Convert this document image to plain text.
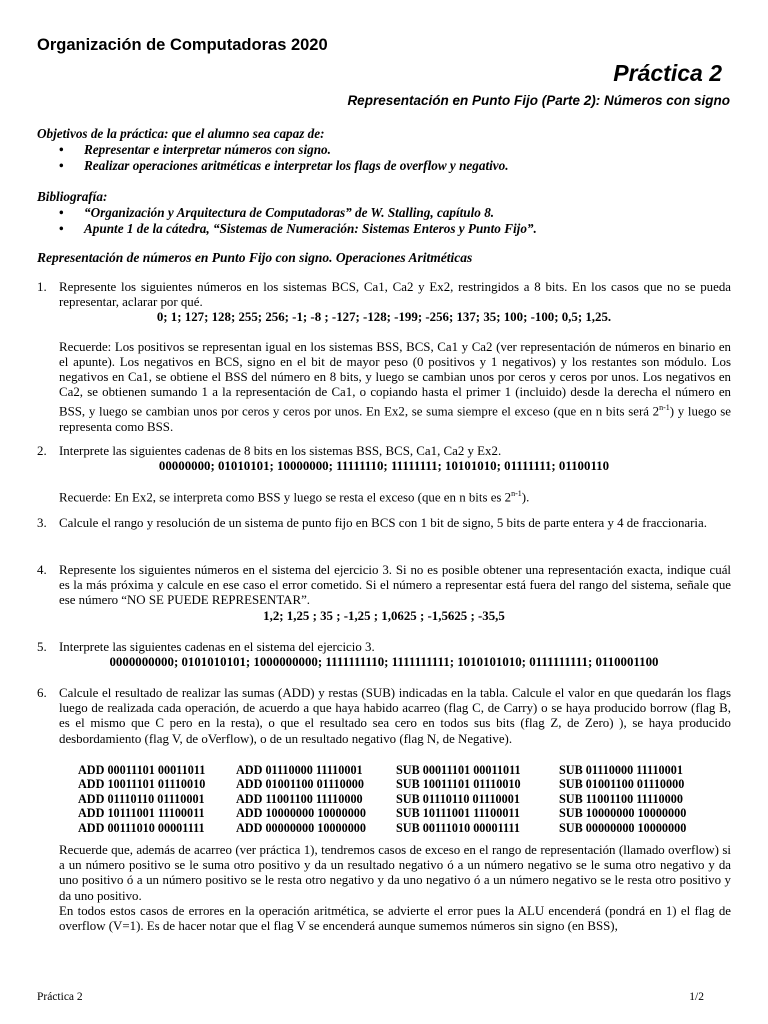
Organización de Computadoras 2020
Práctica 2
Representación en Punto Fijo (Parte 2): Números con signo
Objetivos de la práctica: que el alumno sea capaz de:
• Representar e interpretar números con signo.
• Realizar operaciones aritméticas e interpretar los flags de overflow y negativo.
Bibliografía:
• “Organización y Arquitectura de Computadoras” de W. Stalling, capítulo 8.
• Apunte 1 de la cátedra, “Sistemas de Numeración: Sistemas Enteros y Punto Fijo”.
Representación de números en Punto Fijo con signo. Operaciones Aritméticas
1. Represente los siguientes números en los sistemas BCS, Ca1, Ca2 y Ex2, restringidos a 8 bits. En los casos que no se pueda representar, aclarar por qué.
0; 1; 127; 128; 255; 256; -1; -8 ; -127; -128; -199; -256; 137; 35; 100; -100; 0,5; 1,25.
Recuerde: Los positivos se representan igual en los sistemas BSS, BCS, Ca1 y Ca2 (ver representación de números en binario en el apunte). Los negativos en BCS, signo en el bit de mayor peso (0 positivos y 1 negativos) y los restantes son módulo. Los negativos en Ca1, se obtiene el BSS del número en 8 bits, y luego se cambian unos por ceros y ceros por unos. Los negativos en Ca2, se obtienen sumando 1 a la representación de Ca1, o copiando hasta el primer 1 (incluido) desde la derecha el número en BSS, y luego se cambian unos por ceros y ceros por unos. En Ex2, se suma siempre el exceso (que en n bits será 2$^{n-1}$) y luego se representa como BSS.
2. Interprete las siguientes cadenas de 8 bits en los sistemas BSS, BCS, Ca1, Ca2 y Ex2.
00000000; 01010101; 10000000; 11111110; 11111111; 10101010; 01111111; 01100110
Recuerde: En Ex2, se interpreta como BSS y luego se resta el exceso (que en n bits es 2$^{n-1}$).
3. Calcule el rango y resolución de un sistema de punto fijo en BCS con 1 bit de signo, 5 bits de parte entera y 4 de fraccionaria.
4. Represente los siguientes números en el sistema del ejercicio 3. Si no es posible obtener una representación exacta, indique cuál es la más próxima y calcule en ese caso el error cometido. Si el número a representar está fuera del rango del sistema, señale que ese número “NO SE PUEDE REPRESENTAR”.
1,2; 1,25 ; 35 ; -1,25 ; 1,0625 ; -1,5625 ; -35,5
5. Interprete las siguientes cadenas en el sistema del ejercicio 3.
0000000000; 0101010101; 1000000000; 1111111110; 1111111111; 1010101010; 0111111111; 0110001100
6. Calcule el resultado de realizar las sumas (ADD) y restas (SUB) indicadas en la tabla. Calcule el valor en que quedarán los flags luego de realizada cada operación, de acuerdo a que haya habido acarreo (flag C, de Carry) o se haya producido borrow (flag B, es el mismo que C pero en la resta), o que el resultado sea cero en todos sus bits (flag Z, de Zero) ), se haya producido desbordamiento (flag V, de oVerflow), o de un resultado negativo (flag N, de Negative).
ADD 00011101 00011011	ADD 01110000 11110001	SUB 00011101 00011011	SUB 01110000 11110001
ADD 10011101 01110010	ADD 01001100 01110000	SUB 10011101 01110010	SUB 01001100 01110000
ADD 01110110 01110001	ADD 11001100 11110000	SUB 01110110 01110001	SUB 11001100 11110000
ADD 10111001 11100011	ADD 10000000 10000000	SUB 10111001 11100011	SUB 10000000 10000000
ADD 00111010 00001111	ADD 00000000 10000000	SUB 00111010 00001111	SUB 00000000 10000000
Recuerde que, además de acarreo (ver práctica 1), tendremos casos de exceso en el rango de representación (llamado overflow) si a un número positivo se le suma otro positivo y da un resultado negativo ó a un número negativo se le suma otro negativo y da uno positivo ó a un número positivo se le resta otro negativo y da uno negativo ó a un número negativo se le resta otro positivo y da uno positivo.
En todos estos casos de errores en la operación aritmética, se advierte el error pues la ALU encenderá (pondrá en 1) el flag de overflow (V=1). Es de hacer notar que el flag V se encenderá aunque sumemos números sin signo (en BSS),
Práctica 2	1/2
